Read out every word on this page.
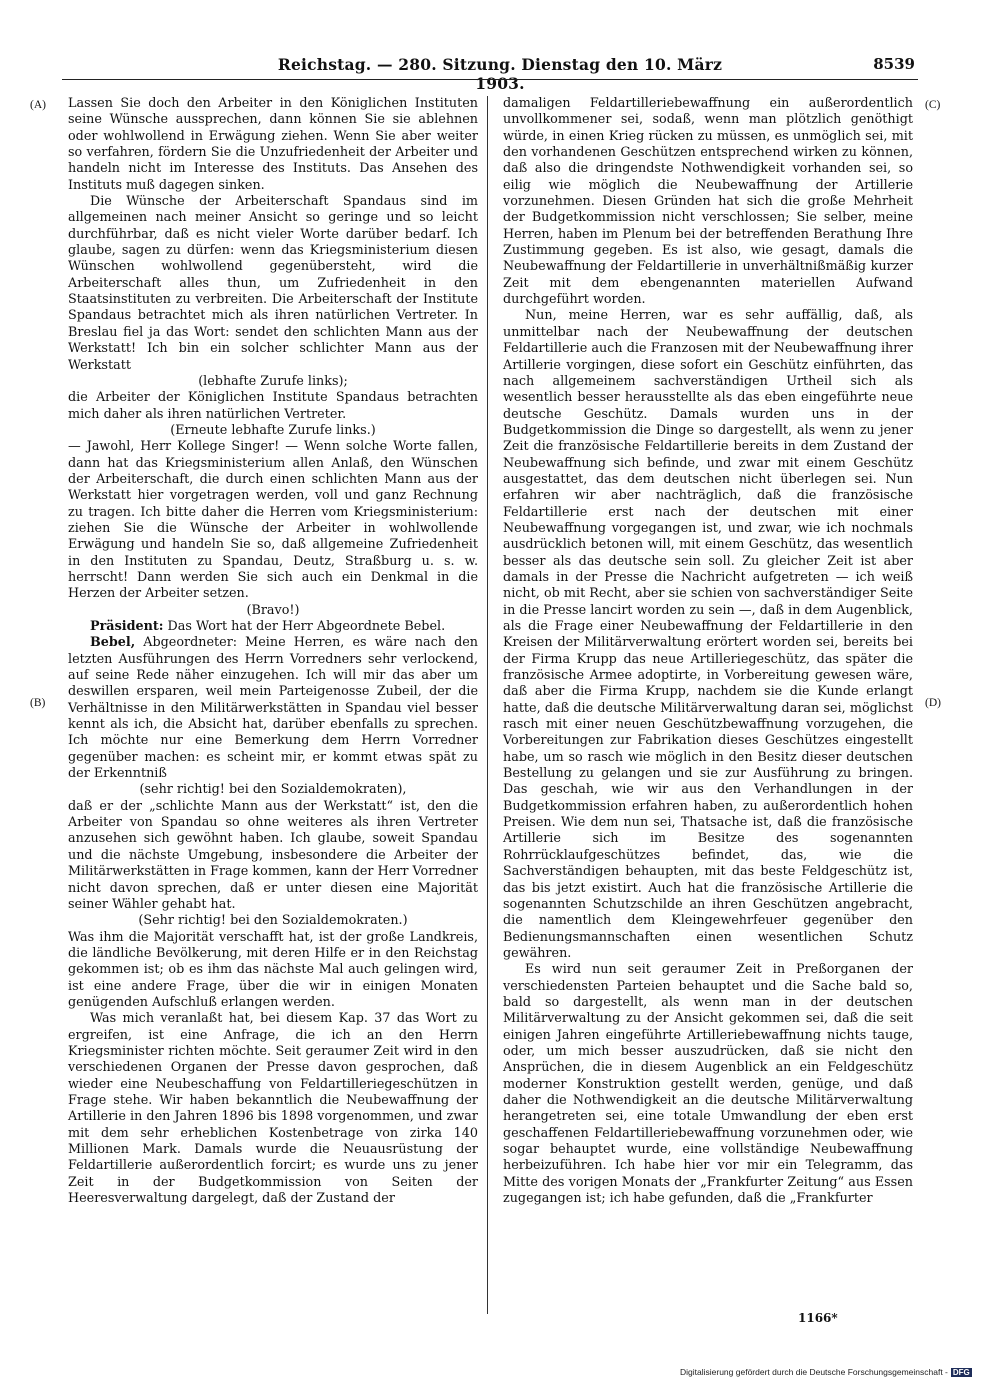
Reichstag. — 280. Sitzung. Dienstag den 10. März 1903.
8539
(A)
(B)
(C)
(D)

Lassen Sie doch den Arbeiter in den Königlichen Instituten seine Wünsche aussprechen, dann können Sie sie ablehnen oder wohlwollend in Erwägung ziehen. Wenn Sie aber weiter so verfahren, fördern Sie die Unzufriedenheit der Arbeiter und handeln nicht im Interesse des Instituts. Das Ansehen des Instituts muß dagegen sinken.

Die Wünsche der Arbeiterschaft Spandaus sind im allgemeinen nach meiner Ansicht so geringe und so leicht durchführbar, daß es nicht vieler Worte darüber bedarf. Ich glaube, sagen zu dürfen: wenn das Kriegsministerium diesen Wünschen wohlwollend gegenübersteht, wird die Arbeiterschaft alles thun, um Zufriedenheit in den Staatsinstituten zu verbreiten. Die Arbeiterschaft der Institute Spandaus betrachtet mich als ihren natürlichen Vertreter. In Breslau fiel ja das Wort: sendet den schlichten Mann aus der Werkstatt! Ich bin ein solcher schlichter Mann aus der Werkstatt

(lebhafte Zurufe links);

die Arbeiter der Königlichen Institute Spandaus betrachten mich daher als ihren natürlichen Vertreter.

(Erneute lebhafte Zurufe links.)

— Jawohl, Herr Kollege Singer! — Wenn solche Worte fallen, dann hat das Kriegsministerium allen Anlaß, den Wünschen der Arbeiterschaft, die durch einen schlichten Mann aus der Werkstatt hier vorgetragen werden, voll und ganz Rechnung zu tragen. Ich bitte daher die Herren vom Kriegsministerium: ziehen Sie die Wünsche der Arbeiter in wohlwollende Erwägung und handeln Sie so, daß allgemeine Zufriedenheit in den Instituten zu Spandau, Deutz, Straßburg u. s. w. herrscht! Dann werden Sie sich auch ein Denkmal in die Herzen der Arbeiter setzen.

(Bravo!)

Präsident: Das Wort hat der Herr Abgeordnete Bebel.

Bebel, Abgeordneter: Meine Herren, es wäre nach den letzten Ausführungen des Herrn Vorredners sehr verlockend, auf seine Rede näher einzugehen. Ich will mir das aber um deswillen ersparen, weil mein Parteigenosse Zubeil, der die Verhältnisse in den Militärwerkstätten in Spandau viel besser kennt als ich, die Absicht hat, darüber ebenfalls zu sprechen. Ich möchte nur eine Bemerkung dem Herrn Vorredner gegenüber machen: es scheint mir, er kommt etwas spät zu der Erkenntniß

(sehr richtig! bei den Sozialdemokraten),

daß er der „schlichte Mann aus der Werkstatt“ ist, den die Arbeiter von Spandau so ohne weiteres als ihren Vertreter anzusehen sich gewöhnt haben. Ich glaube, soweit Spandau und die nächste Umgebung, insbesondere die Arbeiter der Militärwerkstätten in Frage kommen, kann der Herr Vorredner nicht davon sprechen, daß er unter diesen eine Majorität seiner Wähler gehabt hat.

(Sehr richtig! bei den Sozialdemokraten.)

Was ihm die Majorität verschafft hat, ist der große Landkreis, die ländliche Bevölkerung, mit deren Hilfe er in den Reichstag gekommen ist; ob es ihm das nächste Mal auch gelingen wird, ist eine andere Frage, über die wir in einigen Monaten genügenden Aufschluß erlangen werden.

Was mich veranlaßt hat, bei diesem Kap. 37 das Wort zu ergreifen, ist eine Anfrage, die ich an den Herrn Kriegsminister richten möchte. Seit geraumer Zeit wird in den verschiedenen Organen der Presse davon gesprochen, daß wieder eine Neubeschaffung von Feldartilleriegeschützen in Frage stehe. Wir haben bekanntlich die Neubewaffnung der Artillerie in den Jahren 1896 bis 1898 vorgenommen, und zwar mit dem sehr erheblichen Kostenbetrage von zirka 140 Millionen Mark. Damals wurde die Neuausrüstung der Feldartillerie außerordentlich forcirt; es wurde uns zu jener Zeit in der Budgetkommission von Seiten der Heeresverwaltung dargelegt, daß der Zustand der

damaligen Feldartilleriebewaffnung ein außerordentlich unvollkommener sei, sodaß, wenn man plötzlich genöthigt würde, in einen Krieg rücken zu müssen, es unmöglich sei, mit den vorhandenen Geschützen entsprechend wirken zu können, daß also die dringendste Nothwendigkeit vorhanden sei, so eilig wie möglich die Neubewaffnung der Artillerie vorzunehmen. Diesen Gründen hat sich die große Mehrheit der Budgetkommission nicht verschlossen; Sie selber, meine Herren, haben im Plenum bei der betreffenden Berathung Ihre Zustimmung gegeben. Es ist also, wie gesagt, damals die Neubewaffnung der Feldartillerie in unverhältnißmäßig kurzer Zeit mit dem ebengenannten materiellen Aufwand durchgeführt worden.

Nun, meine Herren, war es sehr auffällig, daß, als unmittelbar nach der Neubewaffnung der deutschen Feldartillerie auch die Franzosen mit der Neubewaffnung ihrer Artillerie vorgingen, diese sofort ein Geschütz einführten, das nach allgemeinem sachverständigen Urtheil sich als wesentlich besser herausstellte als das eben eingeführte neue deutsche Geschütz. Damals wurden uns in der Budgetkommission die Dinge so dargestellt, als wenn zu jener Zeit die französische Feldartillerie bereits in dem Zustand der Neubewaffnung sich befinde, und zwar mit einem Geschütz ausgestattet, das dem deutschen nicht überlegen sei. Nun erfahren wir aber nachträglich, daß die französische Feldartillerie erst nach der deutschen mit einer Neubewaffnung vorgegangen ist, und zwar, wie ich nochmals ausdrücklich betonen will, mit einem Geschütz, das wesentlich besser als das deutsche sein soll. Zu gleicher Zeit ist aber damals in der Presse die Nachricht aufgetreten — ich weiß nicht, ob mit Recht, aber sie schien von sachverständiger Seite in die Presse lancirt worden zu sein —, daß in dem Augenblick, als die Frage einer Neubewaffnung der Feldartillerie in den Kreisen der Militärverwaltung erörtert worden sei, bereits bei der Firma Krupp das neue Artilleriegeschütz, das später die französische Armee adoptirte, in Vorbereitung gewesen wäre, daß aber die Firma Krupp, nachdem sie die Kunde erlangt hatte, daß die deutsche Militärverwaltung daran sei, möglichst rasch mit einer neuen Geschützbewaffnung vorzugehen, die Vorbereitungen zur Fabrikation dieses Geschützes eingestellt habe, um so rasch wie möglich in den Besitz dieser deutschen Bestellung zu gelangen und sie zur Ausführung zu bringen. Das geschah, wie wir aus den Verhandlungen in der Budgetkommission erfahren haben, zu außerordentlich hohen Preisen. Wie dem nun sei, Thatsache ist, daß die französische Artillerie sich im Besitze des sogenannten Rohrrücklaufgeschützes befindet, das, wie die Sachverständigen behaupten, mit das beste Feldgeschütz ist, das bis jetzt existirt. Auch hat die französische Artillerie die sogenannten Schutzschilde an ihren Geschützen angebracht, die namentlich dem Kleingewehrfeuer gegenüber den Bedienungsmannschaften einen wesentlichen Schutz gewähren.

Es wird nun seit geraumer Zeit in Preßorganen der verschiedensten Parteien behauptet und die Sache bald so, bald so dargestellt, als wenn man in der deutschen Militärverwaltung zu der Ansicht gekommen sei, daß die seit einigen Jahren eingeführte Artilleriebewaffnung nichts tauge, oder, um mich besser auszudrücken, daß sie nicht den Ansprüchen, die in diesem Augenblick an ein Feldgeschütz moderner Konstruktion gestellt werden, genüge, und daß daher die Nothwendigkeit an die deutsche Militärverwaltung herangetreten sei, eine totale Umwandlung der eben erst geschaffenen Feldartilleriebewaffnung vorzunehmen oder, wie sogar behauptet wurde, eine vollständige Neubewaffnung herbeizuführen. Ich habe hier vor mir ein Telegramm, das Mitte des vorigen Monats der „Frankfurter Zeitung“ aus Essen zugegangen ist; ich habe gefunden, daß die „Frankfurter

1166*
Digitalisierung gefördert durch die Deutsche Forschungsgemeinschaft - DFG
